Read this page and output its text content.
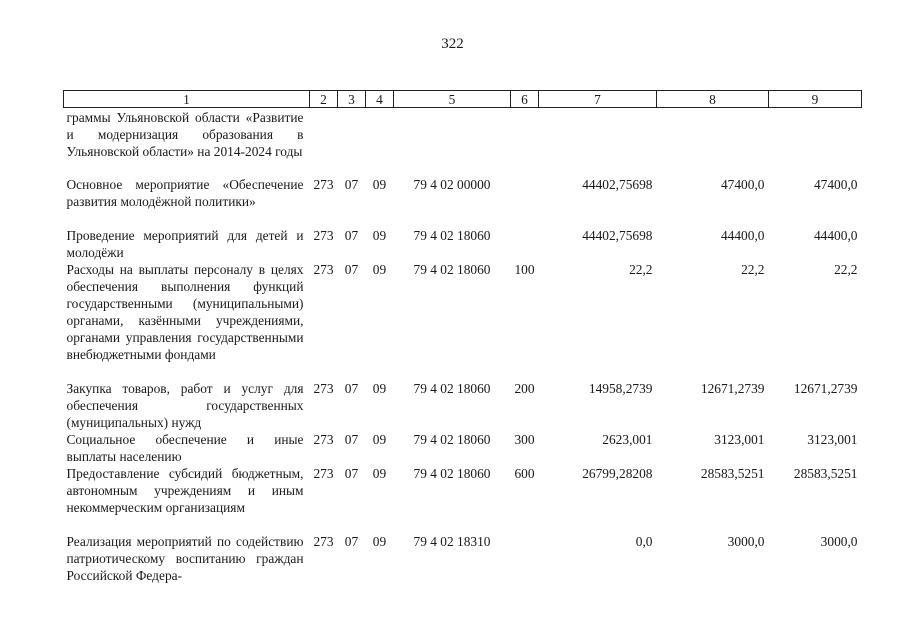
322
1	2	3	4	5	6	7	8	9
граммы Ульяновской области «Развитие и модернизация образования в Ульяновской области» на 2014-2024 годы								
Основное мероприятие «Обеспечение развития молодёжной политики»	273	07	09	79 4 02 00000		44402,75698	47400,0	47400,0
Проведение мероприятий для детей и молодёжи	273	07	09	79 4 02 18060		44402,75698	44400,0	44400,0
Расходы на выплаты персоналу в целях обеспечения выполнения функций государственными (муниципальными) органами, казёнными учреждениями, органами управления государственными внебюджетными фондами	273	07	09	79 4 02 18060	100	22,2	22,2	22,2
Закупка товаров, работ и услуг для обеспечения государственных (муниципальных) нужд	273	07	09	79 4 02 18060	200	14958,2739	12671,2739	12671,2739
Социальное обеспечение и иные выплаты населению	273	07	09	79 4 02 18060	300	2623,001	3123,001	3123,001
Предоставление субсидий бюджетным, автономным учреждениям и иным некоммерческим организациям	273	07	09	79 4 02 18060	600	26799,28208	28583,5251	28583,5251
Реализация мероприятий по содействию патриотическому воспитанию граждан Российской Федера-	273	07	09	79 4 02 18310		0,0	3000,0	3000,0
